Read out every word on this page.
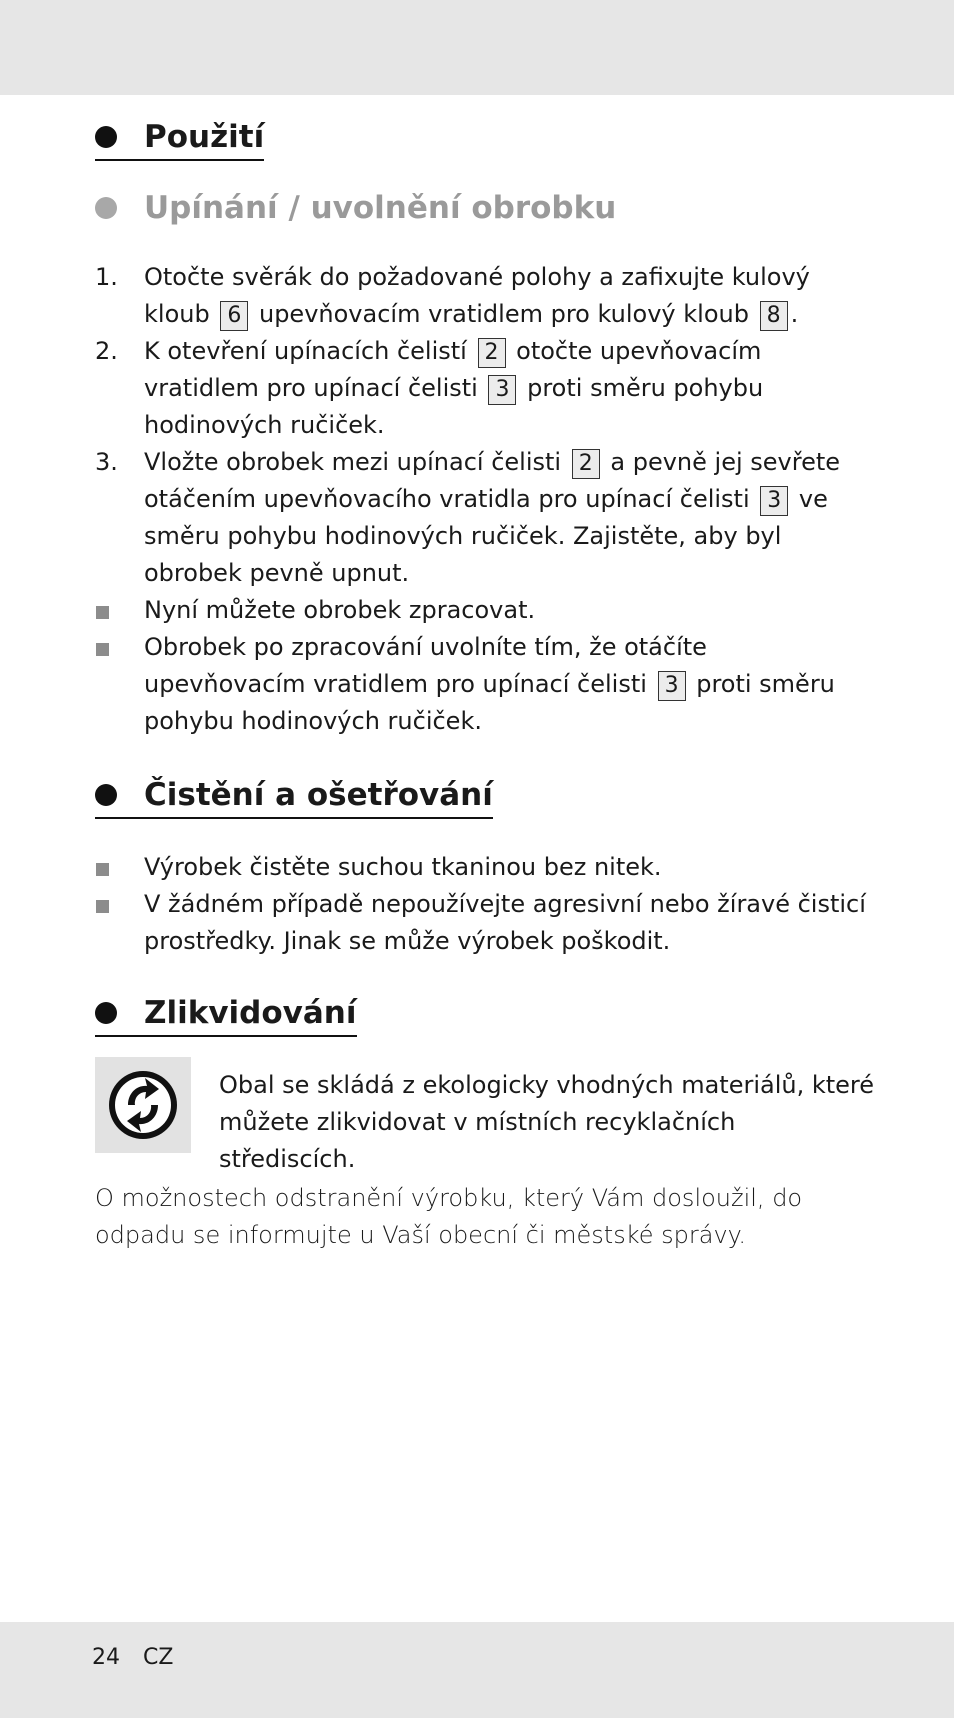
Použití
Upínání / uvolnění obrobku
1. Otočte svěrák do požadované polohy a zafixujte kulový kloub 6 upevňovacím vratidlem pro kulový kloub 8 .
2. K otevření upínacích čelistí 2 otočte upevňovacím vratidlem pro upínací čelisti 3 proti směru pohybu hodinových ručiček.
3. Vložte obrobek mezi upínací čelisti 2 a pevně jej sevřete otáčením upevňovacího vratidla pro upínací čelisti 3 ve směru pohybu hodinových ručiček. Zajistěte, aby byl obrobek pevně upnut.
Nyní můžete obrobek zpracovat.
Obrobek po zpracování uvolníte tím, že otáčíte upevňovacím vratidlem pro upínací čelisti 3 proti směru pohybu hodinových ručiček.
Čistění a ošetřování
Výrobek čistěte suchou tkaninou bez nitek.
V žádném případě nepoužívejte agresivní nebo žíravé čisticí prostředky. Jinak se může výrobek poškodit.
Zlikvidování
Obal se skládá z ekologicky vhodných materiálů, které můžete zlikvidovat v místních recyklačních střediscích.
O možnostech odstranění výrobku, který Vám dosloužil, do odpadu se informujte u Vaší obecní či městské správy.
24 CZ
